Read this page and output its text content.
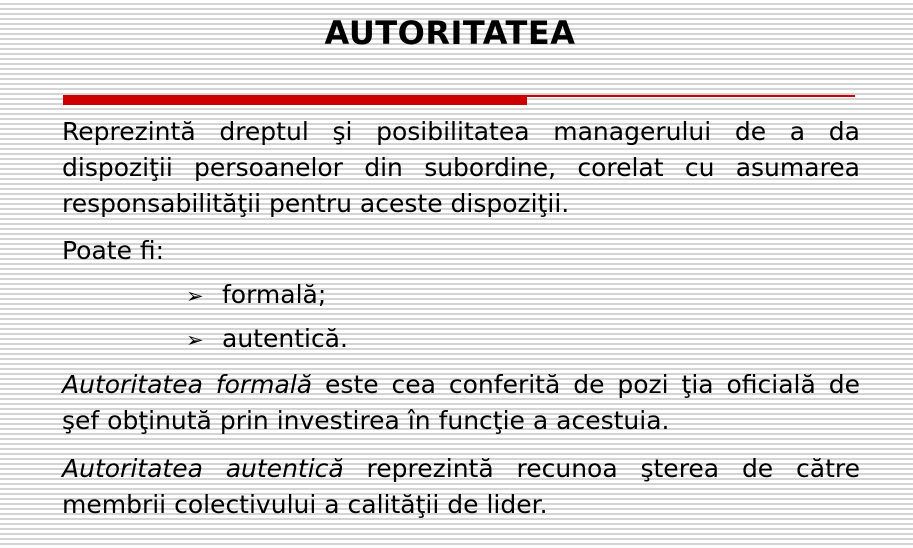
AUTORITATEA

Reprezintă dreptul şi posibilitatea managerului de a da dispoziţii persoanelor din subordine, corelat cu asumarea responsabilităţii pentru aceste dispoziţii.

Poate fi:

➢ formală;

➢ autentică.

Autoritatea formală este cea conferită de pozi ţia oficială de şef obţinută prin investirea în funcţie a acestuia.

Autoritatea autentică reprezintă recunoa şterea de către membrii colectivului a calităţii de lider.
